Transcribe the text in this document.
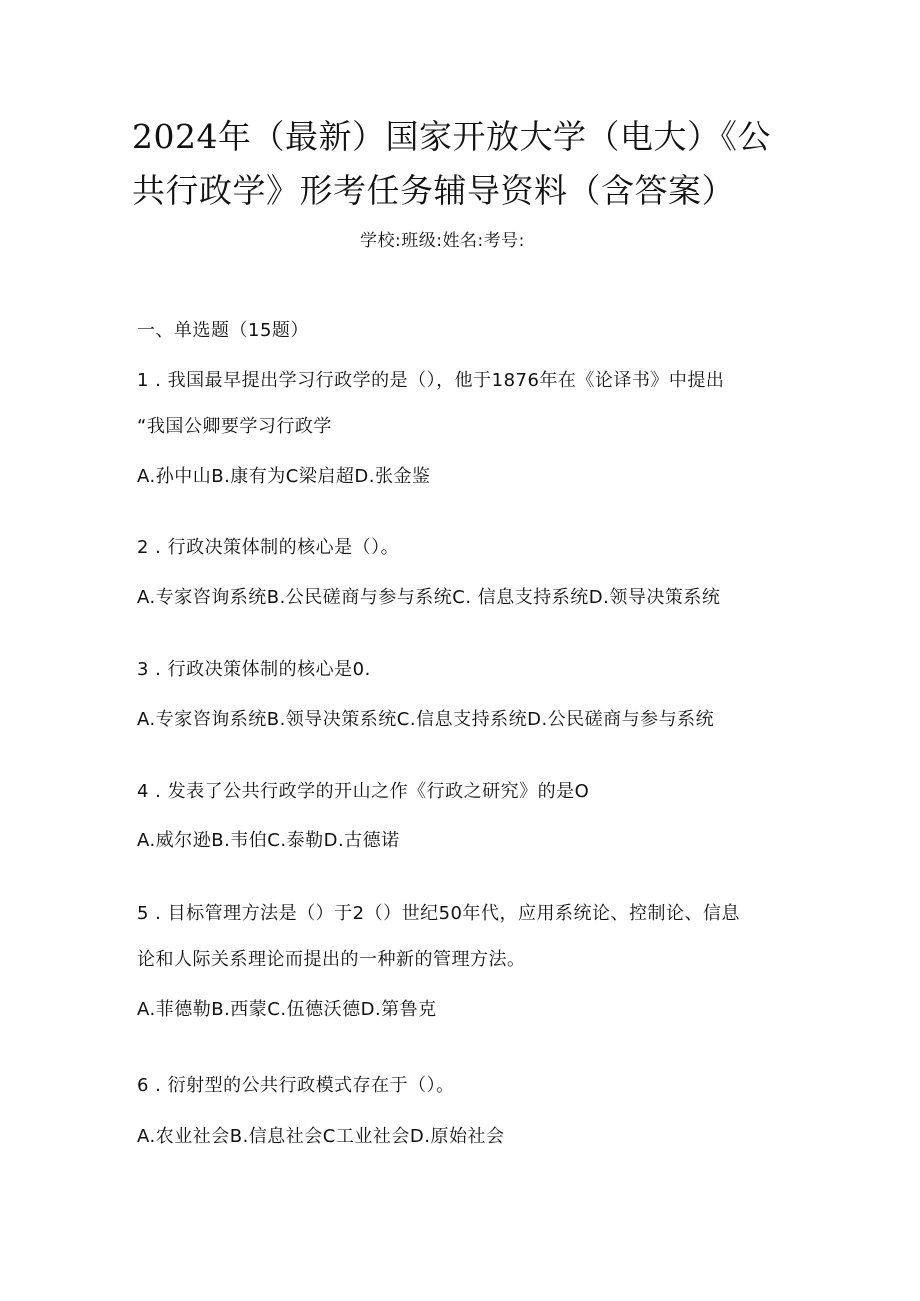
2024年（最新）国家开放大学（电大）《公
共行政学》形考任务辅导资料（含答案）
学校:班级:姓名:考号:
一、单选题（15题）
1 . 我国最早提出学习行政学的是（），他于1876年在《论译书》中提出
“我国公卿要学习行政学
A.孙中山B.康有为C梁启超D.张金鉴
2 . 行政决策体制的核心是（）。
A.专家咨询系统B.公民磋商与参与系统C. 信息支持系统D.领导决策系统
3 . 行政决策体制的核心是0.
A.专家咨询系统B.领导决策系统C.信息支持系统D.公民磋商与参与系统
4 . 发表了公共行政学的开山之作《行政之研究》的是O
A.威尔逊B.韦伯C.泰勒D.古德诺
5 . 目标管理方法是（）于2（）世纪50年代，应用系统论、控制论、信息
论和人际关系理论而提出的一种新的管理方法。
A.菲德勒B.西蒙C.伍德沃德D.第鲁克
6 . 衍射型的公共行政模式存在于（）。
A.农业社会B.信息社会C工业社会D.原始社会
